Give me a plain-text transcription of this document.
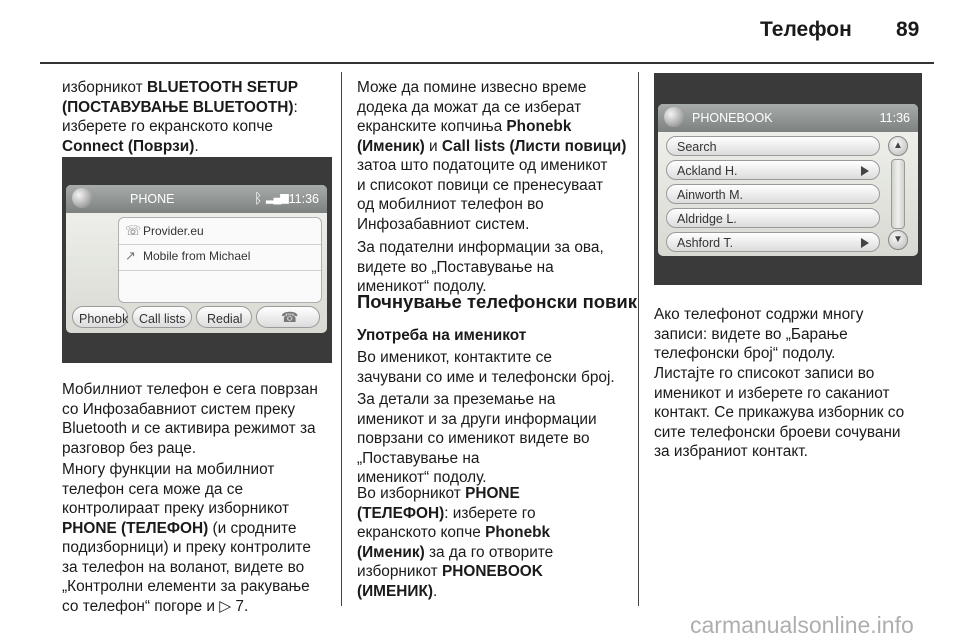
Телефон 89
изборникот BLUETOOTH SETUP
(ПОСТАВУВАЊЕ BLUETOOTH):
изберете го екранското копче
Connect (Поврзи).
PHONE	ᛒ ▂▄▆ 11:36
☏ Provider.eu
↗ Mobile from Michael
Phonebk Call lists Redial	☎
Мобилниот телефон е сега поврзан
со Инфозабавниот систем преку
Bluetooth и се активира режимот за
разговор без раце.
Многу функции на мобилниот
телефон сега може да се
контролираат преку изборникот
PHONE (ТЕЛЕФОН) (и сродните
подизборници) и преку контролите
за телефон на воланот, видете во
„Контролни елементи за ракување
со телефон“ погоре и ▷ 7.
Може да помине извесно време
додека да можат да се изберат
екранските копчиња Phonebk
(Именик) и Call lists (Листи повици)
затоа што податоците од именикот
и списокот повици се пренесуваат
од мобилниот телефон во
Инфозабавниот систем.
За подателни информации за ова,
видете во „Поставување на
именикот“ подолу.
Почнување телефонски повик
Употреба на именикот
Во именикот, контактите се
зачувани со име и телефонски број.
За детали за преземање на
именикот и за други информации
поврзани со именикот видете во
„Поставување на
именикот“ подолу.
Во изборникот PHONE
(ТЕЛЕФОН): изберете го
екранското копче Phonebk
(Именик) за да го отворите
изборникот PHONEBOOK
(ИМЕНИК).
PHONEBOOK	11:36
Search
Ackland H.
Ainworth M.
Aldridge L.
Ashford T.
▲
▼
Ако телефонот содржи многу
записи: видете во „Барање
телефонски број“ подолу.
Листајте го списокот записи во
именикот и изберете го саканиот
контакт. Се прикажува изборник со
сите телефонски броеви сочувани
за избраниот контакт.
carmanualsonline.info
